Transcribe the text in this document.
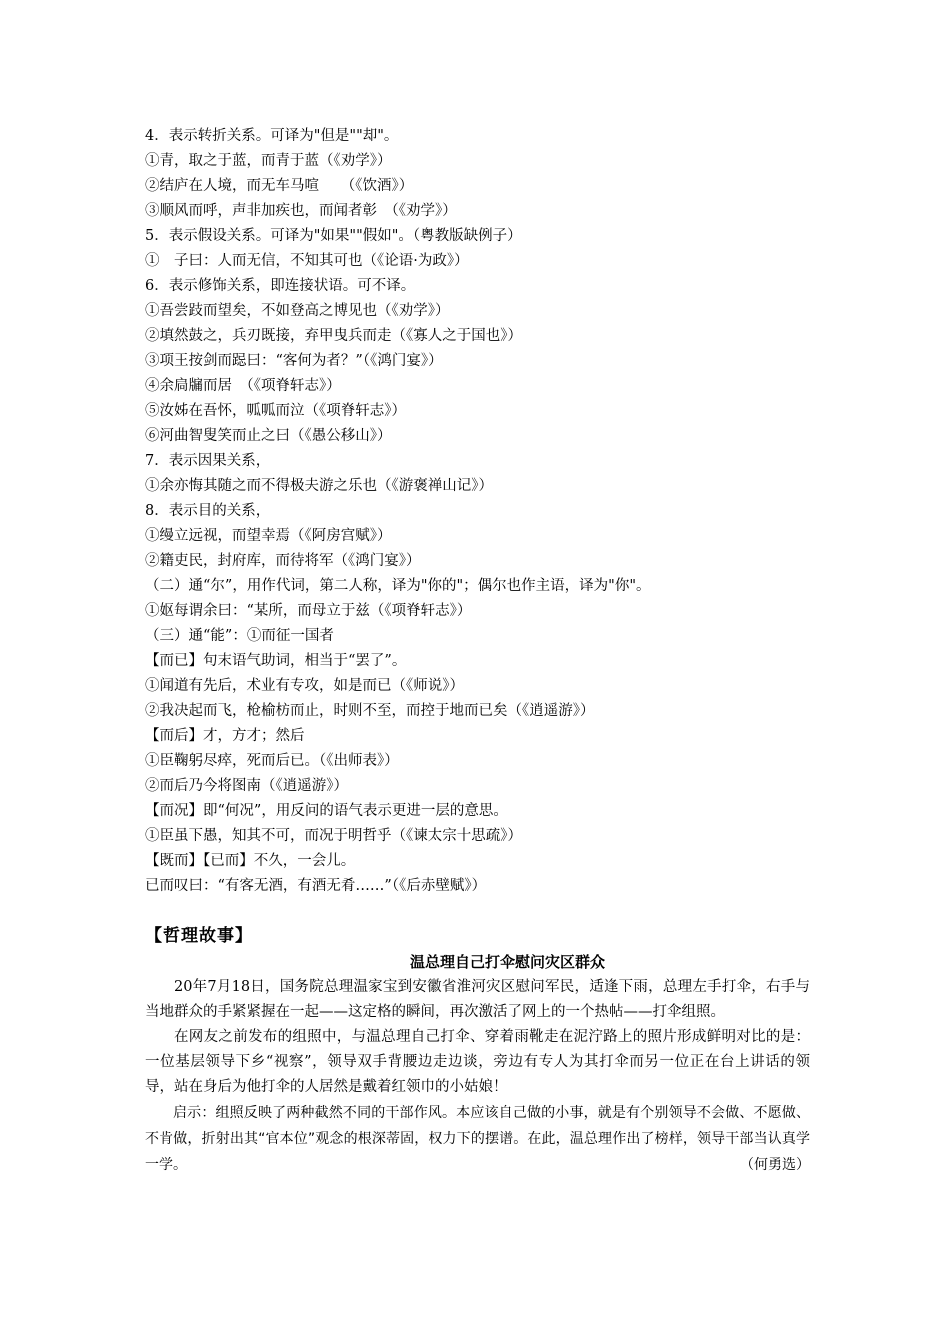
4．表示转折关系。可译为"但是""却"。
①青，取之于蓝，而青于蓝（《劝学》）
②结庐在人境，而无车马喧　　（《饮酒》）
③顺风而呼，声非加疾也，而闻者彰　（《劝学》）
5．表示假设关系。可译为"如果""假如"。（粤教版缺例子）
①　子曰：人而无信，不知其可也（《论语·为政》）
6．表示修饰关系，即连接状语。可不译。
①吾尝跂而望矣，不如登高之博见也（《劝学》）
②填然鼓之，兵刃既接，弃甲曳兵而走（《寡人之于国也》）
③项王按剑而跽曰：“客何为者？”（《鸿门宴》）
④余扃牖而居　（《项脊轩志》）
⑤汝姊在吾怀，呱呱而泣（《项脊轩志》）
⑥河曲智叟笑而止之曰（《愚公移山》）
7．表示因果关系，
①余亦悔其随之而不得极夫游之乐也（《游褒禅山记》）
8．表示目的关系，
①缦立远视，而望幸焉（《阿房宫赋》）
②籍吏民，封府库，而待将军（《鸿门宴》）
（二）通“尔”，用作代词，第二人称，译为"你的"；偶尔也作主语，译为"你"。
①妪每谓余曰：“某所，而母立于兹（《项脊轩志》）
（三）通“能”：①而征一国者
【而已】句末语气助词，相当于“罢了”。
①闻道有先后，术业有专攻，如是而已（《师说》）
②我决起而飞，枪榆枋而止，时则不至，而控于地而已矣（《逍遥游》）
【而后】才，方才；然后
①臣鞠躬尽瘁，死而后已。（《出师表》）
②而后乃今将图南（《逍遥游》）
【而况】即“何况”，用反问的语气表示更进一层的意思。
①臣虽下愚，知其不可，而况于明哲乎（《谏太宗十思疏》）
【既而】【已而】不久，一会儿。
已而叹曰：“有客无酒，有酒无肴……”（《后赤壁赋》）
【哲理故事】
温总理自己打伞慰问灾区群众

20年7月18日，国务院总理温家宝到安徽省淮河灾区慰问军民，适逢下雨，总理左手打伞，右手与当地群众的手紧紧握在一起——这定格的瞬间，再次激活了网上的一个热帖——打伞组照。

在网友之前发布的组照中，与温总理自己打伞、穿着雨靴走在泥泞路上的照片形成鲜明对比的是：一位基层领导下乡“视察”，领导双手背腰边走边谈，旁边有专人为其打伞而另一位正在台上讲话的领导，站在身后为他打伞的人居然是戴着红领巾的小姑娘！

启示：组照反映了两种截然不同的干部作风。本应该自己做的小事，就是有个别领导不会做、不愿做、不肯做，折射出其“官本位”观念的根深蒂固，权力下的摆谱。在此，温总理作出了榜样，领导干部当认真学一学。	（何勇选）
